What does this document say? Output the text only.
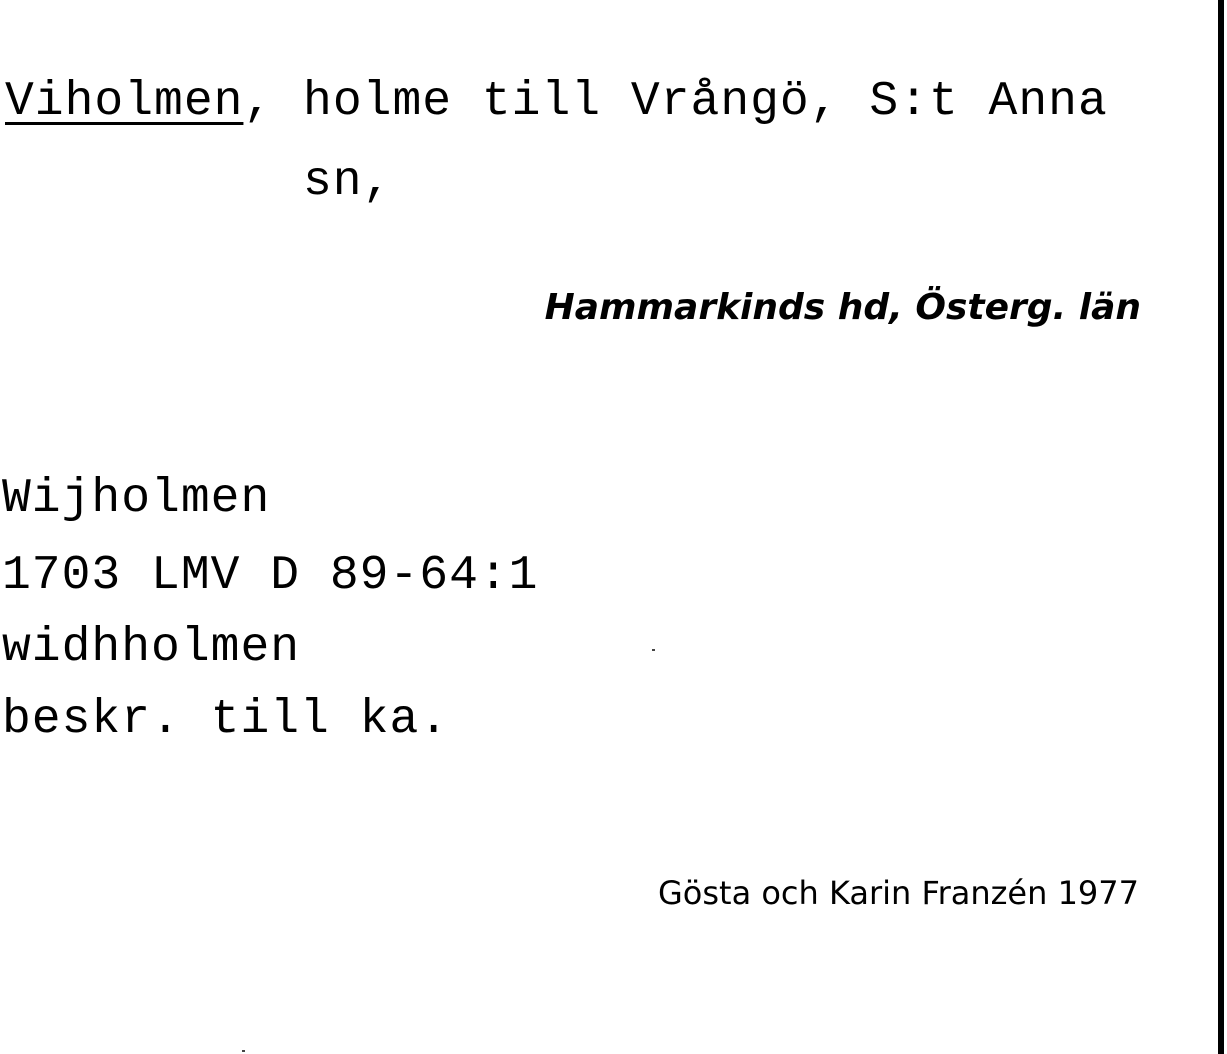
Viholmen, holme till Vrångö, S:t Anna
sn,
Hammarkinds hd, Österg. län
Wijholmen
1703 LMV D 89-64:1
widhholmen
beskr. till ka.
Gösta och Karin Franzén 1977
